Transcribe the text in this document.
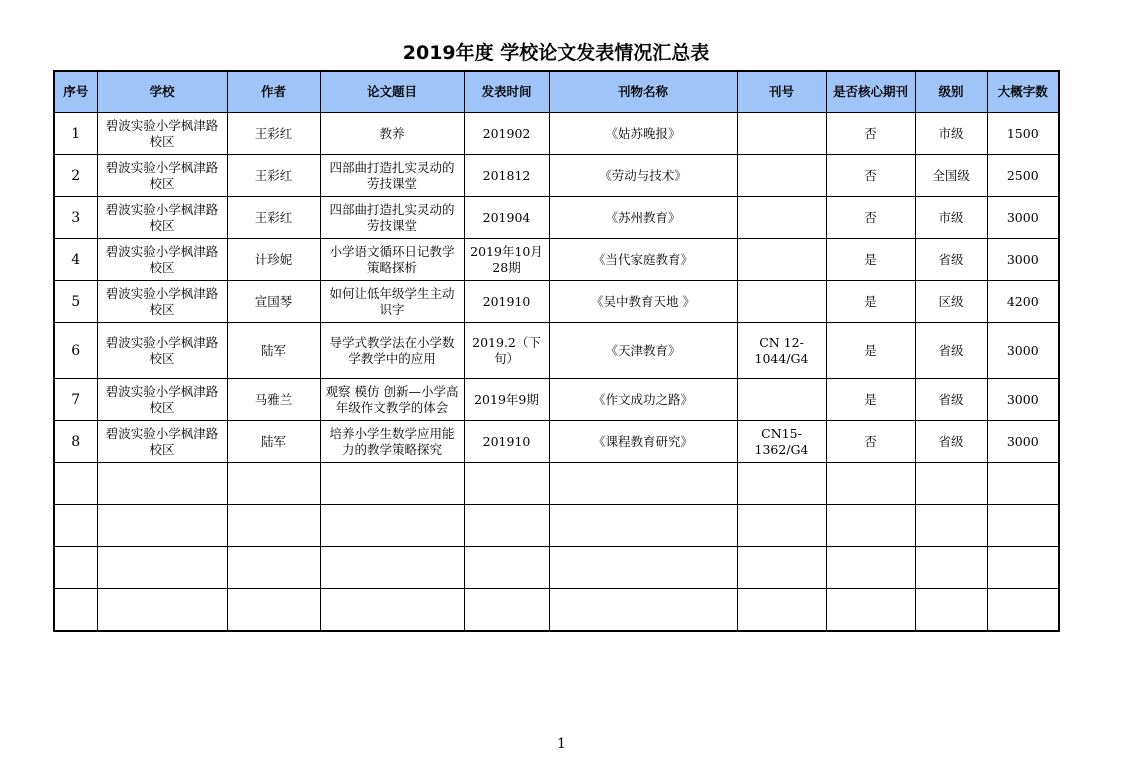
2019年度 学校论文发表情况汇总表
序号	学校	作者	论文题目	发表时间	刊物名称	刊号	是否核心期刊	级别	大概字数
1	碧波实验小学枫津路校区	王彩红	教养	201902	《姑苏晚报》		否	市级	1500
2	碧波实验小学枫津路校区	王彩红	四部曲打造扎实灵动的劳技课堂	201812	《劳动与技术》		否	全国级	2500
3	碧波实验小学枫津路校区	王彩红	四部曲打造扎实灵动的劳技课堂	201904	《苏州教育》		否	市级	3000
4	碧波实验小学枫津路校区	计珍妮	小学语文循环日记教学策略探析	2019年10月28期	《当代家庭教育》		是	省级	3000
5	碧波实验小学枫津路校区	宣国琴	如何让低年级学生主动识字	201910	《吴中教育天地 》		是	区级	4200
6	碧波实验小学枫津路校区	陆军	导学式教学法在小学数学教学中的应用	2019.2（下旬）	《天津教育》	CN 12-1044/G4	是	省级	3000
7	碧波实验小学枫津路校区	马雅兰	观察 模仿 创新—小学高年级作文教学的体会	2019年9期	《作文成功之路》		是	省级	3000
8	碧波实验小学枫津路校区	陆军	培养小学生数学应用能力的教学策略探究	201910	《课程教育研究》	CN15-1362/G4	否	省级	3000

1
